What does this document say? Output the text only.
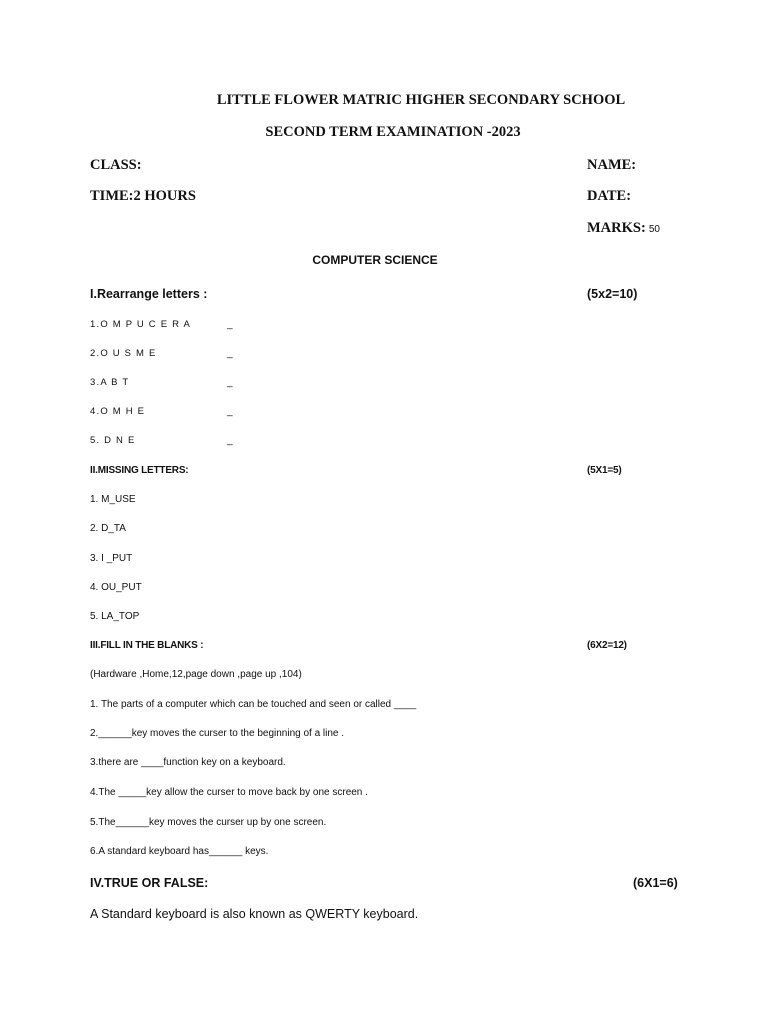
LITTLE FLOWER MATRIC HIGHER SECONDARY SCHOOL
SECOND TERM EXAMINATION -2023
CLASS:	NAME:
TIME:2 HOURS	DATE:
MARKS: 50
COMPUTER SCIENCE
I.Rearrange letters :	(5x2=10)
1.O M P U C E R A	_
2.O U S M E	_
3.A B T	_
4.O M H E	_
5. D N E	_
II.MISSING LETTERS:	(5X1=5)
1. M_USE
2. D_TA
3. I _PUT
4. OU_PUT
5. LA_TOP
III.FILL IN THE BLANKS :	(6X2=12)
(Hardware ,Home,12,page down ,page up ,104)
1. The parts of a computer which can be touched and seen or called ____
2.______key moves the curser to the beginning of a line .
3.there are ____function key on a keyboard.
4.The _____key allow the curser to move back by one screen .
5.The______key moves the curser up by one screen.
6.A standard keyboard has______ keys.
IV.TRUE OR FALSE:	(6X1=6)
A Standard keyboard is also known as QWERTY keyboard.
